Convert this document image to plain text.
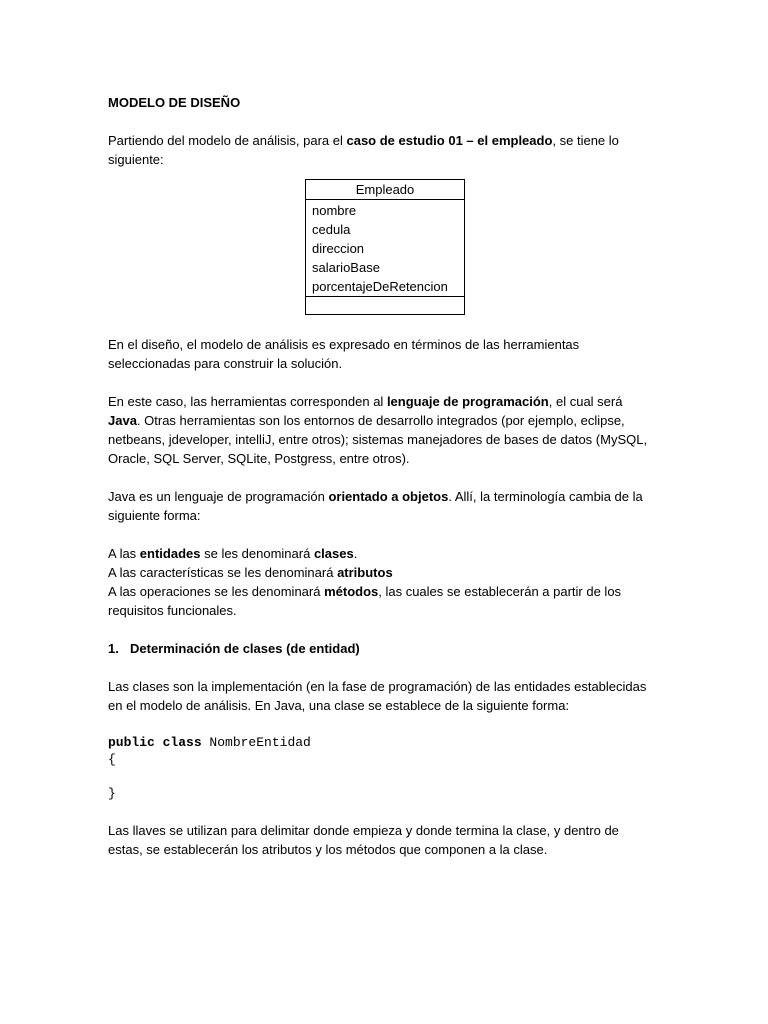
MODELO DE DISEÑO

Partiendo del modelo de análisis, para el caso de estudio 01 – el empleado, se tiene lo siguiente:

Empleado
nombre
cedula
direccion
salarioBase
porcentajeDeRetencion

En el diseño, el modelo de análisis es expresado en términos de las herramientas seleccionadas para construir la solución.

En este caso, las herramientas corresponden al lenguaje de programación, el cual será Java. Otras herramientas son los entornos de desarrollo integrados (por ejemplo, eclipse, netbeans, jdeveloper, intelliJ, entre otros); sistemas manejadores de bases de datos (MySQL, Oracle, SQL Server, SQLite, Postgress, entre otros).

Java es un lenguaje de programación orientado a objetos. Allí, la terminología cambia de la siguiente forma:

A las entidades se les denominará clases.

A las características se les denominará atributos

A las operaciones se les denominará métodos, las cuales se establecerán a partir de los requisitos funcionales.

1. Determinación de clases (de entidad)

Las clases son la implementación (en la fase de programación) de las entidades establecidas en el modelo de análisis. En Java, una clase se establece de la siguiente forma:

public class NombreEntidad
{
}

Las llaves se utilizan para delimitar donde empieza y donde termina la clase, y dentro de estas, se establecerán los atributos y los métodos que componen a la clase.
